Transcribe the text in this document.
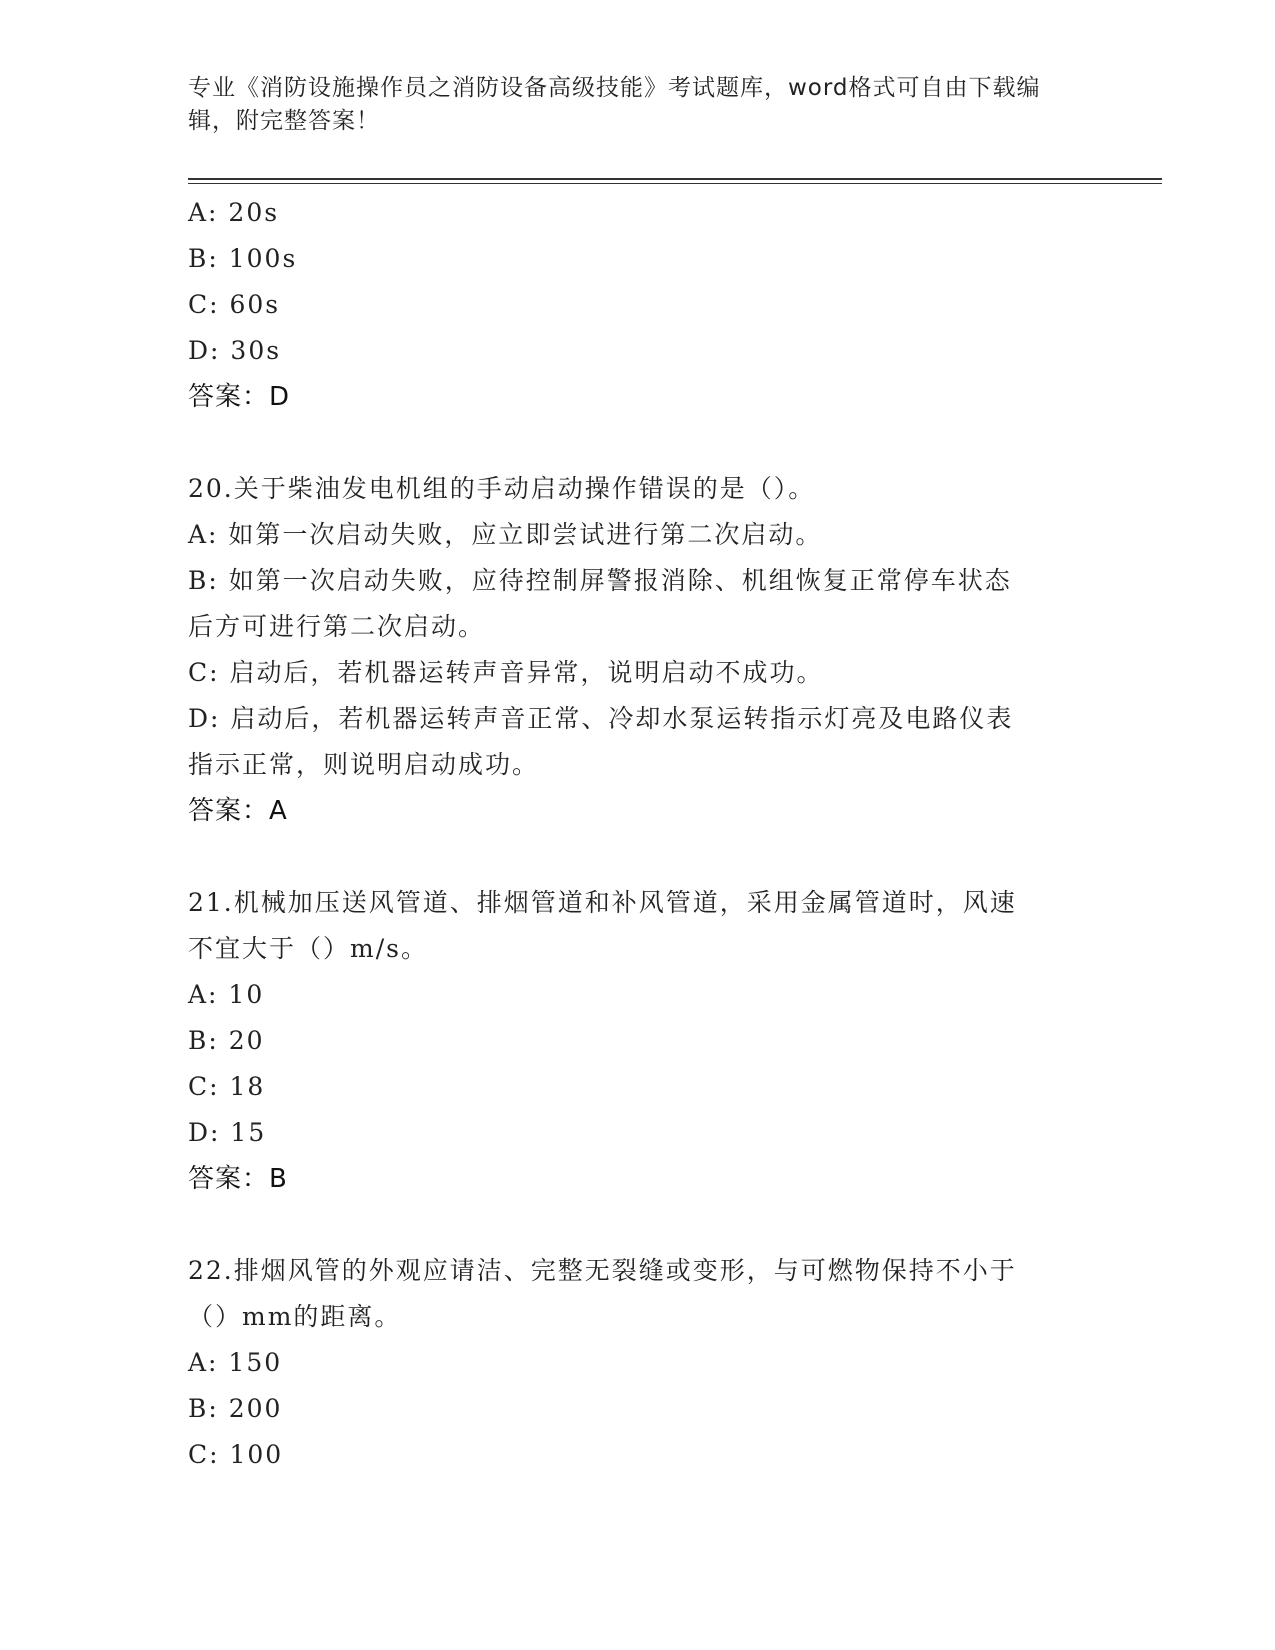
专业《消防设施操作员之消防设备高级技能》考试题库，word格式可自由下载编
辑，附完整答案！
A: 20s
B: 100s
C: 60s
D: 30s
答案：D
20.关于柴油发电机组的手动启动操作错误的是（）。
A: 如第一次启动失败，应立即尝试进行第二次启动。
B: 如第一次启动失败，应待控制屏警报消除、机组恢复正常停车状态
后方可进行第二次启动。
C: 启动后，若机器运转声音异常，说明启动不成功。
D: 启动后，若机器运转声音正常、冷却水泵运转指示灯亮及电路仪表
指示正常，则说明启动成功。
答案：A
21.机械加压送风管道、排烟管道和补风管道，采用金属管道时，风速
不宜大于（）m/s。
A: 10
B: 20
C: 18
D: 15
答案：B
22.排烟风管的外观应请洁、完整无裂缝或变形，与可燃物保持不小于
（）mm的距离。
A: 150
B: 200
C: 100
